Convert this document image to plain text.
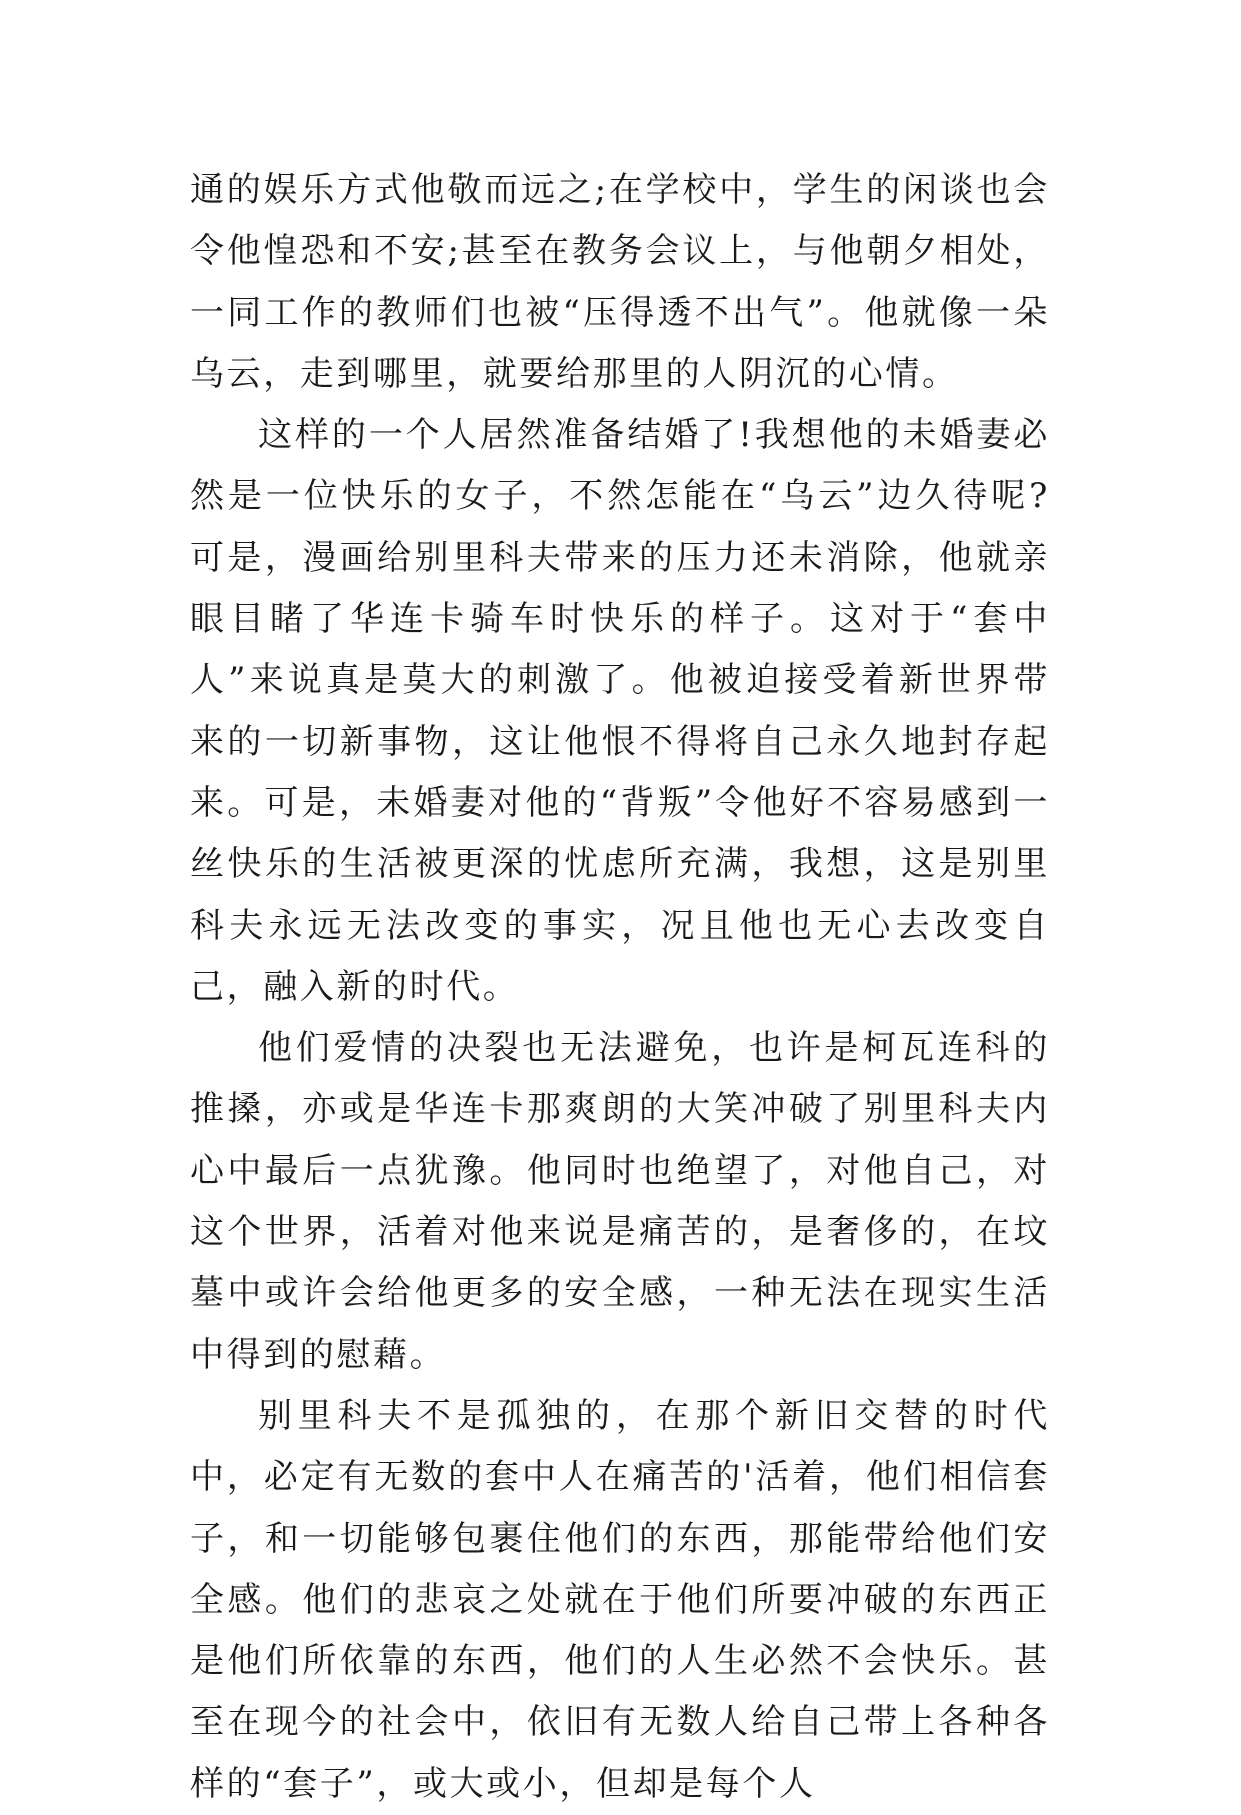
通的娱乐方式他敬而远之;在学校中，学生的闲谈也会令他惶恐和不安;甚至在教务会议上，与他朝夕相处，一同工作的教师们也被“压得透不出气”。他就像一朵乌云，走到哪里，就要给那里的人阴沉的心情。

这样的一个人居然准备结婚了!我想他的未婚妻必然是一位快乐的女子，不然怎能在“乌云”边久待呢?可是，漫画给别里科夫带来的压力还未消除，他就亲眼目睹了华连卡骑车时快乐的样子。这对于“套中人”来说真是莫大的刺激了。他被迫接受着新世界带来的一切新事物，这让他恨不得将自己永久地封存起来。可是，未婚妻对他的“背叛”令他好不容易感到一丝快乐的生活被更深的忧虑所充满，我想，这是别里科夫永远无法改变的事实，况且他也无心去改变自己，融入新的时代。

他们爱情的决裂也无法避免，也许是柯瓦连科的推搡，亦或是华连卡那爽朗的大笑冲破了别里科夫内心中最后一点犹豫。他同时也绝望了，对他自己，对这个世界，活着对他来说是痛苦的，是奢侈的，在坟墓中或许会给他更多的安全感，一种无法在现实生活中得到的慰藉。

别里科夫不是孤独的，在那个新旧交替的时代中，必定有无数的套中人在痛苦的'活着，他们相信套子，和一切能够包裹住他们的东西，那能带给他们安全感。他们的悲哀之处就在于他们所要冲破的东西正是他们所依靠的东西，他们的人生必然不会快乐。甚至在现今的社会中，依旧有无数人给自己带上各种各样的“套子”，或大或小，但却是每个人
